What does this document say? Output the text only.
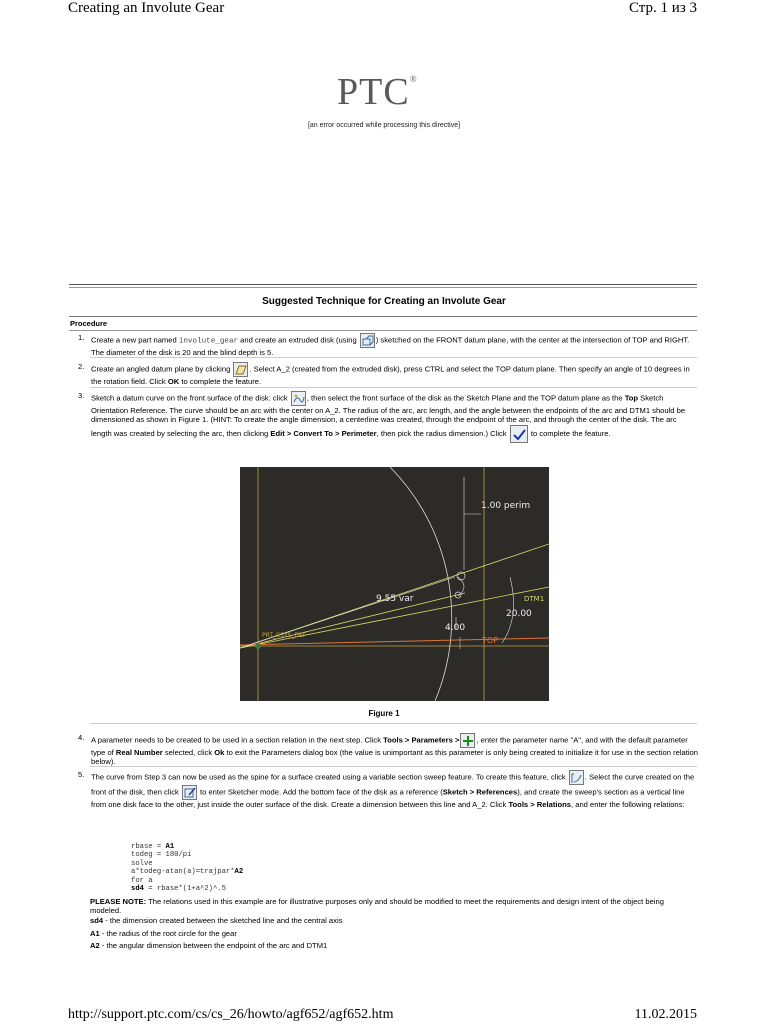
Creating an Involute Gear	Стр. 1 из 3
PTC®
[an error occurred while processing this directive]
Suggested Technique for Creating an Involute Gear
Procedure
1. Create a new part named involute_gear and create an extruded disk (using
) sketched on the FRONT datum plane, with the center at the intersection of TOP and RIGHT. The diameter of the disk is 20 and the blind depth is 5.
2. Create an angled datum plane by clicking
. Select A_2 (created from the extruded disk), press CTRL and select the TOP datum plane. Then specify an angle of 10 degrees in the rotation field. Click OK to complete the feature.
3. Sketch a datum curve on the front surface of the disk: click
, then select the front surface of the disk as the Sketch Plane and the TOP datum plane as the Top Sketch Orientation Reference. The curve should be an arc with the center on A_2. The radius of the arc, arc length, and the angle between the endpoints of the arc and DTM1 should be dimensioned as shown in Figure 1. (HINT: To create the angle dimension, a centerline was created, through the endpoint of the arc, and through the center of the disk. The arc length was created by selecting the arc, then clicking Edit > Convert To > Perimeter, then pick the radius dimension.) Click	to complete the feature.
1.00 perim
9.55 var	DTM1
20.00
4.00
TOP
PRT_CSYS_DEF
Figure 1
4. A parameter needs to be created to be used in a section relation in the next step. Click Tools > Parameters > , enter the parameter name "A", and with the default parameter type of Real Number selected, click Ok to exit the Parameters dialog box (the value is unimportant as this parameter is only being created to initialize it for use in the section relation below).
5. The curve from Step 3 can now be used as the spine for a surface created using a variable section sweep feature. To create this feature, click
. Select the curve created on the front of the disk, then click
to enter Sketcher mode. Add the bottom face of the disk as a reference (Sketch > References), and create the sweep's section as a vertical line from one disk face to the other, just inside the outer surface of the disk. Create a dimension between this line and A_2. Click Tools > Relations, and enter the following relations:
rbase = A1
todeg = 180/pi
solve
a*todeg-atan(a)=trajpar*A2
for a
sd4 = rbase*(1+a^2)^.5
PLEASE NOTE: The relations used in this example are for illustrative purposes only and should be modified to meet the requirements and design intent of the object being modeled.
sd4 - the dimension created between the sketched line and the central axis
A1 - the radius of the root circle for the gear
A2 - the angular dimension between the endpoint of the arc and DTM1
http://support.ptc.com/cs/cs_26/howto/agf652/agf652.htm	11.02.2015
